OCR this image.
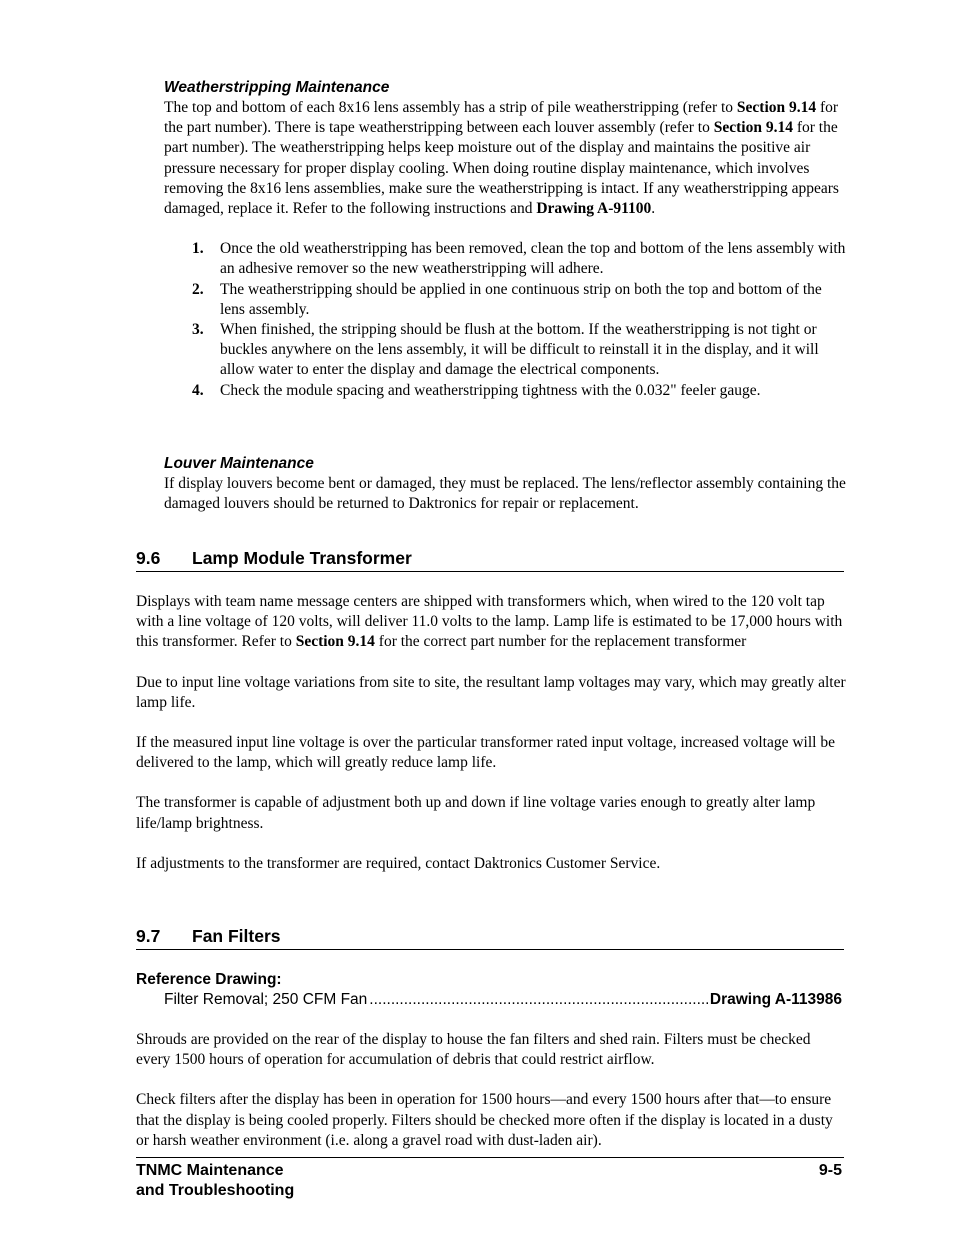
Weatherstripping Maintenance

The top and bottom of each 8x16 lens assembly has a strip of pile weatherstripping (refer to Section 9.14 for the part number). There is tape weatherstripping between each louver assembly (refer to Section 9.14 for the part number). The weatherstripping helps keep moisture out of the display and maintains the positive air pressure necessary for proper display cooling. When doing routine display maintenance, which involves removing the 8x16 lens assemblies, make sure the weatherstripping is intact. If any weatherstripping appears damaged, replace it. Refer to the following instructions and Drawing A-91100.

1. Once the old weatherstripping has been removed, clean the top and bottom of the lens assembly with an adhesive remover so the new weatherstripping will adhere.
2. The weatherstripping should be applied in one continuous strip on both the top and bottom of the lens assembly.
3. When finished, the stripping should be flush at the bottom. If the weatherstripping is not tight or buckles anywhere on the lens assembly, it will be difficult to reinstall it in the display, and it will allow water to enter the display and damage the electrical components.
4. Check the module spacing and weatherstripping tightness with the 0.032" feeler gauge.

Louver Maintenance

If display louvers become bent or damaged, they must be replaced. The lens/reflector assembly containing the damaged louvers should be returned to Daktronics for repair or replacement.

9.6 Lamp Module Transformer

Displays with team name message centers are shipped with transformers which, when wired to the 120 volt tap with a line voltage of 120 volts, will deliver 11.0 volts to the lamp. Lamp life is estimated to be 17,000 hours with this transformer. Refer to Section 9.14 for the correct part number for the replacement transformer

Due to input line voltage variations from site to site, the resultant lamp voltages may vary, which may greatly alter lamp life.

If the measured input line voltage is over the particular transformer rated input voltage, increased voltage will be delivered to the lamp, which will greatly reduce lamp life.

The transformer is capable of adjustment both up and down if line voltage varies enough to greatly alter lamp life/lamp brightness.

If adjustments to the transformer are required, contact Daktronics Customer Service.

9.7 Fan Filters

Reference Drawing:

Filter Removal; 250 CFM Fan
.....	Drawing A-113986

Shrouds are provided on the rear of the display to house the fan filters and shed rain. Filters must be checked every 1500 hours of operation for accumulation of debris that could restrict airflow.

Check filters after the display has been in operation for 1500 hours—and every 1500 hours after that—to ensure that the display is being cooled properly. Filters should be checked more often if the display is located in a dusty or harsh weather environment (i.e. along a gravel road with dust-laden air).

TNMC Maintenance
and Troubleshooting
9-5
